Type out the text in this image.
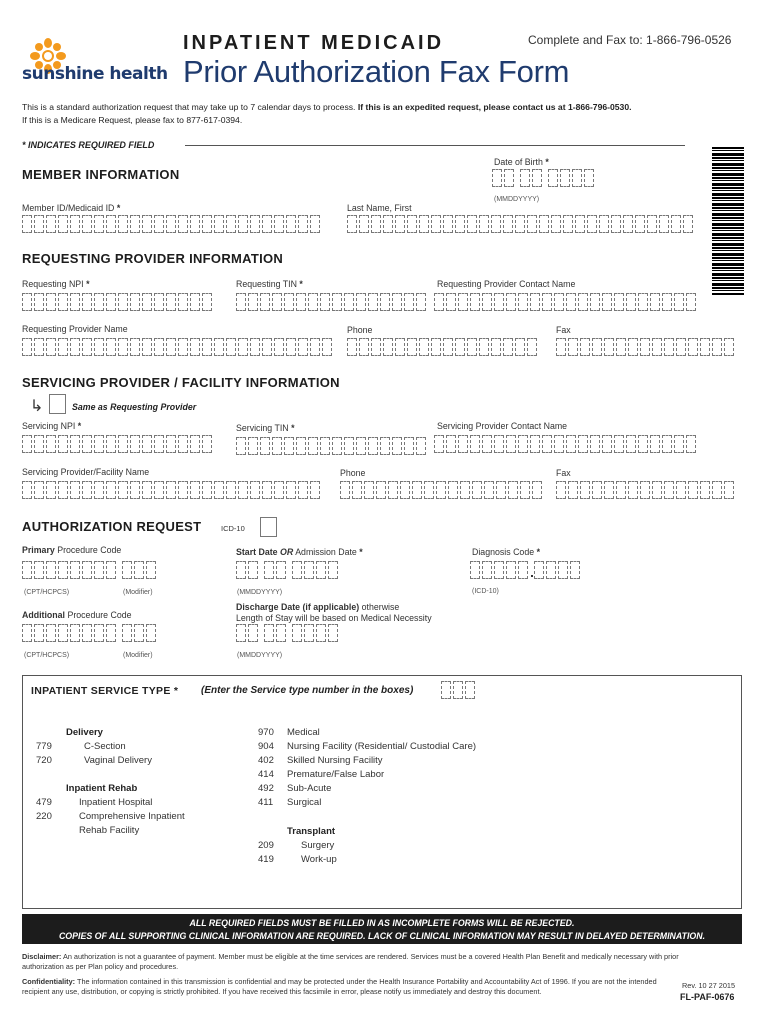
sunshine health
INPATIENT MEDICAID
Prior Authorization Fax Form
Complete and Fax to: 1-866-796-0526
This is a standard authorization request that may take up to 7 calendar days to process. If this is an expedited request, please contact us at 1-866-796-0530.
If this is a Medicare Request, please fax to 877-617-0394.
* INDICATES REQUIRED FIELD
MEMBER INFORMATION
Date of Birth *
(MMDDYYYY)
Member ID/Medicaid ID *	Last Name, First
REQUESTING PROVIDER INFORMATION
Requesting NPI *	Requesting TIN *	Requesting Provider Contact Name
Requesting Provider Name	Phone	Fax
SERVICING PROVIDER / FACILITY INFORMATION
↳	Same as Requesting Provider
Servicing NPI *	Servicing TIN *	Servicing Provider Contact Name
Servicing Provider/Facility Name	Phone	Fax
AUTHORIZATION REQUEST	ICD-10
Primary Procedure Code
(CPT/HCPCS)	(Modifier)
Start Date OR Admission Date *
(MMDDYYYY)
Diagnosis Code *
(ICD-10)
Additional Procedure Code
(CPT/HCPCS)	(Modifier)
Discharge Date (if applicable) otherwise
Length of Stay will be based on Medical Necessity
(MMDDYYYY)
INPATIENT SERVICE TYPE * (Enter the Service type number in the boxes)
Delivery
779	C-Section
720	Vaginal Delivery
Inpatient Rehab
479	Inpatient Hospital
220	Comprehensive Inpatient
Rehab Facility
970 Medical
904 Nursing Facility (Residential/ Custodial Care)
402 Skilled Nursing Facility
414 Premature/False Labor
492 Sub-Acute
411 Surgical
Transplant
209	Surgery
419	Work-up
ALL REQUIRED FIELDS MUST BE FILLED IN AS INCOMPLETE FORMS WILL BE REJECTED.
COPIES OF ALL SUPPORTING CLINICAL INFORMATION ARE REQUIRED. LACK OF CLINICAL INFORMATION MAY RESULT IN DELAYED DETERMINATION.
Disclaimer: An authorization is not a guarantee of payment. Member must be eligible at the time services are rendered. Services must be a covered Health Plan Benefit and medically necessary with prior authorization as per Plan policy and procedures.
Confidentiality: The information contained in this transmission is confidential and may be protected under the Health Insurance Portability and Accountability Act of 1996. If you are not the intended recipient any use, distribution, or copying is strictly prohibited. If you have received this facsimile in error, please notify us immediately and destroy this document.
Rev. 10 27 2015
FL-PAF-0676
